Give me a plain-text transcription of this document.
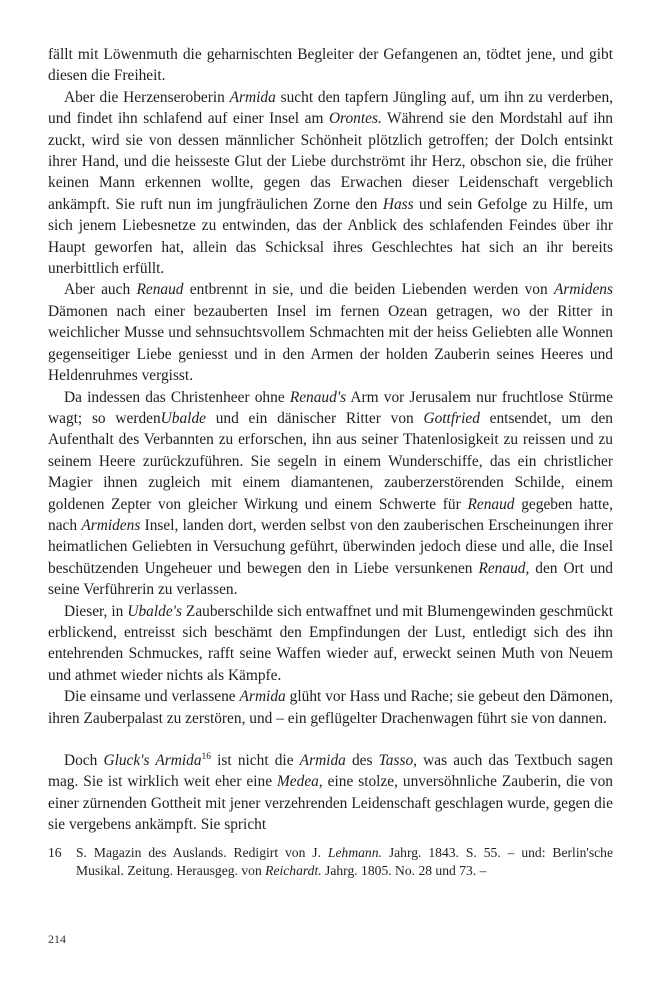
fällt mit Löwenmuth die geharnischten Begleiter der Gefangenen an, tödtet jene, und gibt diesen die Freiheit.

Aber die Herzenseroberin Armida sucht den tapfern Jüngling auf, um ihn zu verderben, und findet ihn schlafend auf einer Insel am Orontes. Während sie den Mordstahl auf ihn zuckt, wird sie von dessen männlicher Schönheit plötzlich getroffen; der Dolch entsinkt ihrer Hand, und die heisseste Glut der Liebe durchströmt ihr Herz, obschon sie, die früher keinen Mann erkennen wollte, gegen das Erwachen dieser Leidenschaft vergeblich ankämpft. Sie ruft nun im jungfräulichen Zorne den Hass und sein Gefolge zu Hilfe, um sich jenem Liebesnetze zu entwinden, das der Anblick des schlafenden Feindes über ihr Haupt geworfen hat, allein das Schicksal ihres Geschlechtes hat sich an ihr bereits unerbittlich erfüllt.

Aber auch Renaud entbrennt in sie, und die beiden Liebenden werden von Armidens Dämonen nach einer bezauberten Insel im fernen Ozean getragen, wo der Ritter in weichlicher Musse und sehnsuchtsvollem Schmachten mit der heiss Geliebten alle Wonnen gegenseitiger Liebe geniesst und in den Armen der holden Zauberin seines Heeres und Heldenruhmes vergisst.

Da indessen das Christenheer ohne Renaud's Arm vor Jerusalem nur fruchtlose Stürme wagt; so werdenUbalde und ein dänischer Ritter von Gottfried entsendet, um den Aufenthalt des Verbannten zu erforschen, ihn aus seiner Thatenlosigkeit zu reissen und zu seinem Heere zurückzuführen. Sie segeln in einem Wunderschiffe, das ein christlicher Magier ihnen zugleich mit einem diamantenen, zauberzerstörenden Schilde, einem goldenen Zepter von gleicher Wirkung und einem Schwerte für Renaud gegeben hatte, nach Armidens Insel, landen dort, werden selbst von den zauberischen Erscheinungen ihrer heimatlichen Geliebten in Versuchung geführt, überwinden jedoch diese und alle, die Insel beschützenden Ungeheuer und bewegen den in Liebe versunkenen Renaud, den Ort und seine Verführerin zu verlassen.

Dieser, in Ubalde's Zauberschilde sich entwaffnet und mit Blumengewinden geschmückt erblickend, entreisst sich beschämt den Empfindungen der Lust, entledigt sich des ihn entehrenden Schmuckes, rafft seine Waffen wieder auf, erweckt seinen Muth von Neuem und athmet wieder nichts als Kämpfe.

Die einsame und verlassene Armida glüht vor Hass und Rache; sie gebeut den Dämonen, ihren Zauberpalast zu zerstören, und – ein geflügelter Drachenwagen führt sie von dannen.

Doch Gluck's Armida$^{16}$ ist nicht die Armida des Tasso, was auch das Textbuch sagen mag. Sie ist wirklich weit eher eine Medea, eine stolze, unversöhnliche Zauberin, die von einer zürnenden Gottheit mit jener verzehrenden Leidenschaft geschlagen wurde, gegen die sie vergebens ankämpft. Sie spricht

16	S. Magazin des Auslands. Redigirt von J. Lehmann. Jahrg. 1843. S. 55. – und: Berlin'sche Musikal. Zeitung. Herausgeg. von Reichardt. Jahrg. 1805. No. 28 und 73. –
214
